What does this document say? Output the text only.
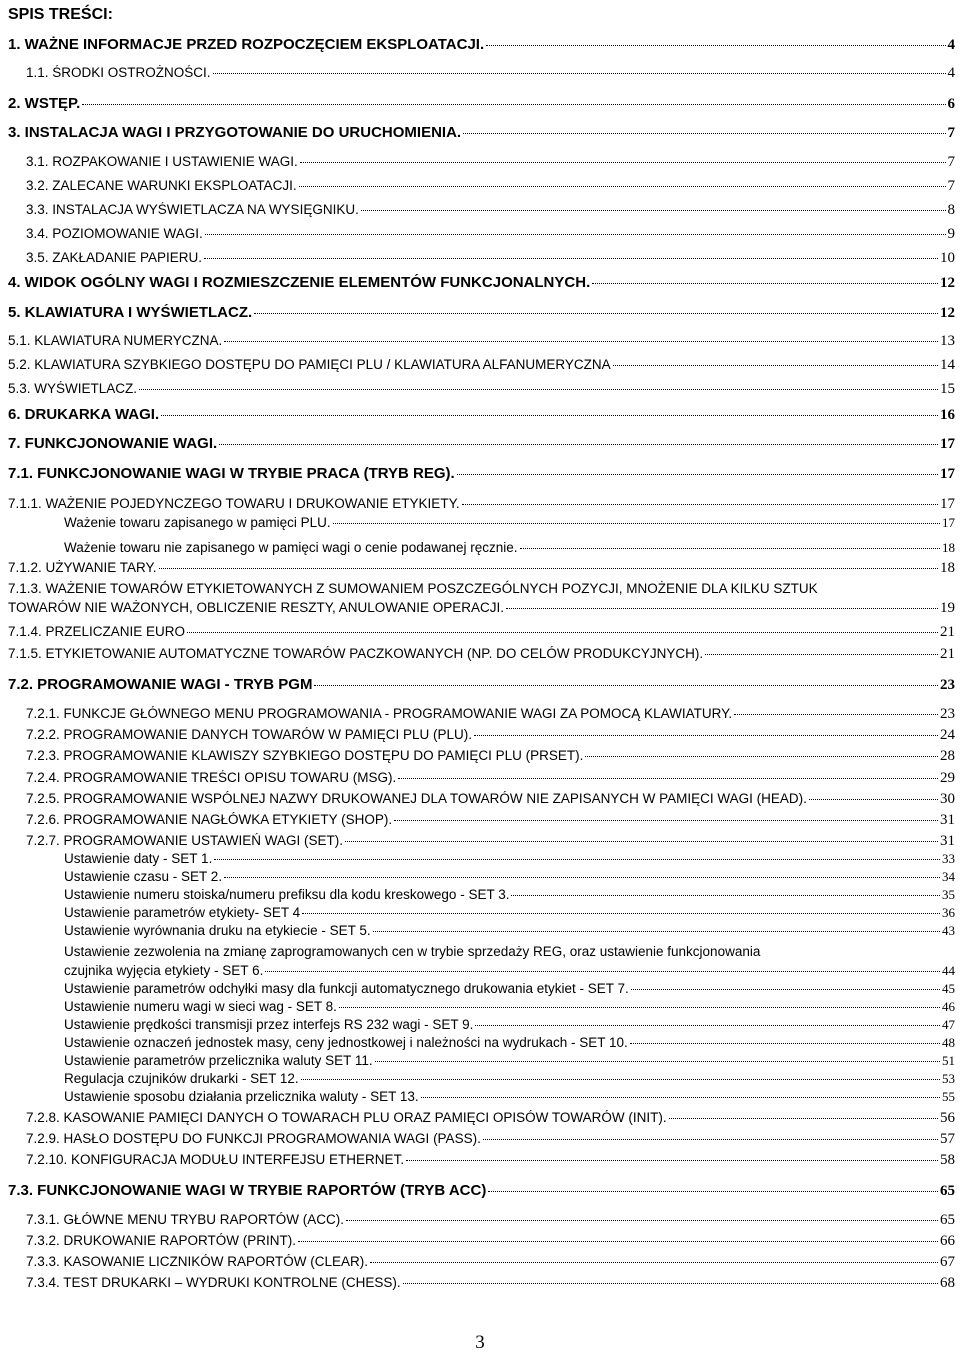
SPIS TREŚCI:
1. WAŻNE INFORMACJE PRZED ROZPOCZĘCIEM EKSPLOATACJI.	4
1.1. ŚRODKI OSTROŻNOŚCI.	4
2. WSTĘP.	6
3. INSTALACJA WAGI I PRZYGOTOWANIE DO URUCHOMIENIA.	7
3.1. ROZPAKOWANIE I USTAWIENIE WAGI.	7
3.2. ZALECANE WARUNKI EKSPLOATACJI.	7
3.3. INSTALACJA WYŚWIETLACZA NA WYSIĘGNIKU.	8
3.4. POZIOMOWANIE WAGI.	9
3.5. ZAKŁADANIE PAPIERU.	10
4. WIDOK OGÓLNY WAGI I ROZMIESZCZENIE ELEMENTÓW FUNKCJONALNYCH.	12
5. KLAWIATURA I WYŚWIETLACZ.	12
5.1. KLAWIATURA NUMERYCZNA.	13
5.2. KLAWIATURA SZYBKIEGO DOSTĘPU DO PAMIĘCI PLU / KLAWIATURA ALFANUMERYCZNA	14
5.3. WYŚWIETLACZ.	15
6. DRUKARKA WAGI.	16
7. FUNKCJONOWANIE WAGI.	17
7.1. FUNKCJONOWANIE WAGI W TRYBIE PRACA (TRYB REG).	17
7.1.1. WAŻENIE POJEDYNCZEGO TOWARU I DRUKOWANIE ETYKIETY.	17
Ważenie towaru zapisanego w pamięci PLU.	17
Ważenie towaru nie zapisanego w pamięci wagi o cenie podawanej ręcznie.	18
7.1.2. UŻYWANIE TARY.	18
7.1.3. WAŻENIE TOWARÓW ETYKIETOWANYCH Z SUMOWANIEM POSZCZEGÓLNYCH POZYCJI, MNOŻENIE DLA KILKU SZTUK
TOWARÓW NIE WAŻONYCH, OBLICZENIE RESZTY, ANULOWANIE OPERACJI.	19
7.1.4. PRZELICZANIE EURO	21
7.1.5. ETYKIETOWANIE AUTOMATYCZNE TOWARÓW PACZKOWANYCH (NP. DO CELÓW PRODUKCYJNYCH).	21
7.2. PROGRAMOWANIE WAGI - TRYB PGM	23
7.2.1. FUNKCJE GŁÓWNEGO MENU PROGRAMOWANIA - PROGRAMOWANIE WAGI ZA POMOCĄ KLAWIATURY.	23
7.2.2. PROGRAMOWANIE DANYCH TOWARÓW W PAMIĘCI PLU (PLU).	24
7.2.3. PROGRAMOWANIE KLAWISZY SZYBKIEGO DOSTĘPU DO PAMIĘCI PLU (PRSET).	28
7.2.4. PROGRAMOWANIE TREŚCI OPISU TOWARU (MSG).	29
7.2.5. PROGRAMOWANIE WSPÓLNEJ NAZWY DRUKOWANEJ DLA TOWARÓW NIE ZAPISANYCH W PAMIĘCI WAGI (HEAD).	30
7.2.6. PROGRAMOWANIE NAGŁÓWKA ETYKIETY (SHOP).	31
7.2.7. PROGRAMOWANIE USTAWIEŃ WAGI (SET).	31
Ustawienie daty - SET 1.	33
Ustawienie czasu - SET 2.	34
Ustawienie numeru stoiska/numeru prefiksu dla kodu kreskowego - SET 3.	35
Ustawienie parametrów etykiety- SET 4	36
Ustawienie wyrównania druku na etykiecie - SET 5.	43
Ustawienie zezwolenia na zmianę zaprogramowanych cen w trybie sprzedaży REG, oraz ustawienie funkcjonowania
czujnika wyjęcia etykiety - SET 6.	44
Ustawienie parametrów odchyłki masy dla funkcji automatycznego drukowania etykiet - SET 7.	45
Ustawienie numeru wagi w sieci wag - SET 8.	46
Ustawienie prędkości transmisji przez interfejs RS 232 wagi - SET 9.	47
Ustawienie oznaczeń jednostek masy, ceny jednostkowej i należności na wydrukach - SET 10.	48
Ustawienie parametrów przelicznika waluty SET 11.	51
Regulacja czujników drukarki - SET 12.	53
Ustawienie sposobu działania przelicznika waluty - SET 13.	55
7.2.8. KASOWANIE PAMIĘCI DANYCH O TOWARACH PLU ORAZ PAMIĘCI OPISÓW TOWARÓW (INIT).	56
7.2.9. HASŁO DOSTĘPU DO FUNKCJI PROGRAMOWANIA WAGI (PASS).	57
7.2.10. KONFIGURACJA MODUŁU INTERFEJSU ETHERNET.	58
7.3. FUNKCJONOWANIE WAGI W TRYBIE RAPORTÓW (TRYB ACC)	65
7.3.1. GŁÓWNE MENU TRYBU RAPORTÓW (ACC).	65
7.3.2. DRUKOWANIE RAPORTÓW (PRINT).	66
7.3.3. KASOWANIE LICZNIKÓW RAPORTÓW (CLEAR).	67
7.3.4. TEST DRUKARKI – WYDRUKI KONTROLNE (CHESS).	68
3
